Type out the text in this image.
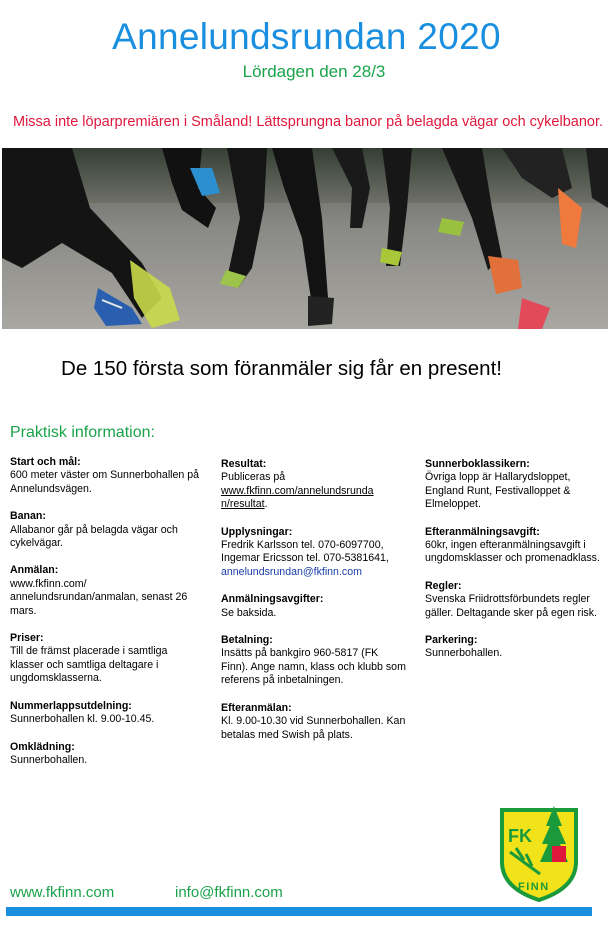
Annelundsrundan 2020
Lördagen den 28/3
Missa inte löparpremiären i Småland! Lättsprungna banor på belagda vägar och cykelbanor.
De 150 första som föranmäler sig får en present!
Praktisk information:
Start och mål:
600 meter väster om Sunnerbohallen på Annelundsvägen.
Banan:
Allabanor går på belagda vägar och cykelvägar.
Anmälan:
www.fkfinn.com/ annelundsrundan/anmalan, senast 26 mars.
Priser:
Till de främst placerade i samtliga klasser och samtliga deltagare i ungdomsklasserna.
Nummerlappsutdelning:
Sunnerbohallen kl. 9.00-10.45.
Omklädning:
Sunnerbohallen.
Resultat:
Publiceras på
www.fkfinn.com/annelundsrunda n/resultat.
Upplysningar:
Fredrik Karlsson tel. 070-6097700, Ingemar Ericsson tel. 070-5381641,
annelundsrundan@fkfinn.com
Anmälningsavgifter:
Se baksida.
Betalning:
Insätts på bankgiro 960-5817 (FK Finn). Ange namn, klass och klubb som referens på inbetalningen.
Efteranmälan:
Kl. 9.00-10.30 vid Sunnerbohallen. Kan betalas med Swish på plats.
Sunnerboklassikern:
Övriga lopp är Hallarydsloppet, England Runt, Festivalloppet & Elmeloppet.
Efteranmälningsavgift:
60kr, ingen efteranmälningsavgift i ungdomsklasser och promenadklass.
Regler:
Svenska Friidrottsförbundets regler gäller. Deltagande sker på egen risk.
Parkering:
Sunnerbohallen.
FK
FINN
www.fkfinn.com	info@fkfinn.com
